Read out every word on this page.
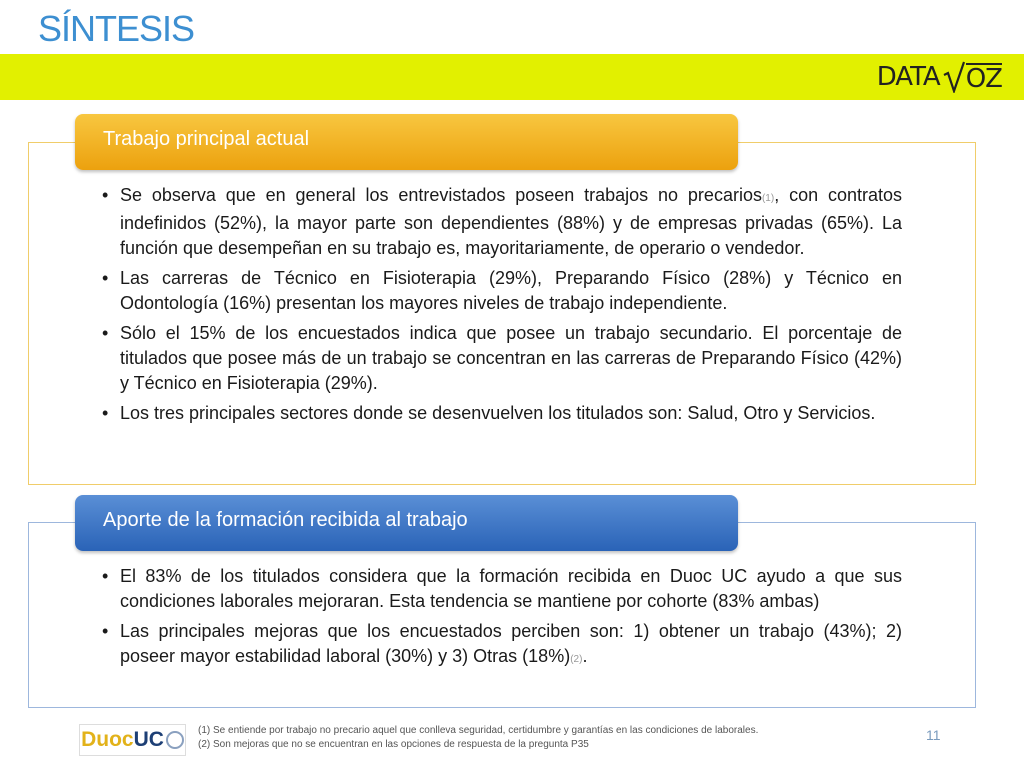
SÍNTESIS
DATA OZ
Trabajo principal actual
• Se observa que en general los entrevistados poseen trabajos no precarios(1), con contratos indefinidos (52%), la mayor parte son dependientes (88%) y de empresas privadas (65%). La función que desempeñan en su trabajo es, mayoritariamente, de operario o vendedor.
• Las carreras de Técnico en Fisioterapia (29%), Preparando Físico (28%) y Técnico en Odontología (16%) presentan los mayores niveles de trabajo independiente.
• Sólo el 15% de los encuestados indica que posee un trabajo secundario. El porcentaje de titulados que posee más de un trabajo se concentran en las carreras de Preparando Físico (42%) y Técnico en Fisioterapia (29%).
• Los tres principales sectores donde se desenvuelven los titulados son: Salud, Otro y Servicios.
Aporte de la formación recibida al trabajo
• El 83% de los titulados considera que la formación recibida en Duoc UC ayudo a que sus condiciones laborales mejoraran. Esta tendencia se mantiene por cohorte (83% ambas)
• Las principales mejoras que los encuestados perciben son: 1) obtener un trabajo (43%); 2) poseer mayor estabilidad laboral (30%) y 3) Otras (18%)(2).
Duoc UC	(1) Se entiende por trabajo no precario aquel que conlleva seguridad, certidumbre y garantías en las condiciones de laborales.
(2) Son mejoras que no se encuentran en las opciones de respuesta de la pregunta P35
11
